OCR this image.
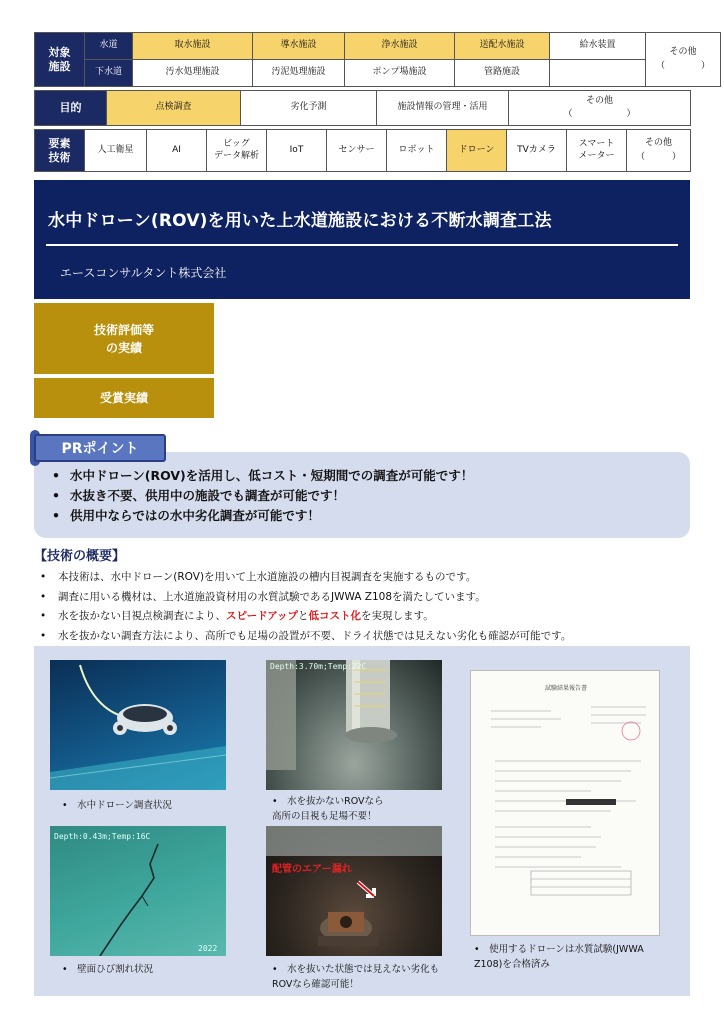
対象
施設	水道	取水施設	導水施設	浄水施設	送配水施設	給水装置	その他
（　　　　）

	下水道	汚水処理施設	汚泥処理施設	ポンプ場施設	管路施設		
目的	点検調査	劣化予測	施設情報の管理・活用	その他
（　　　　　　）
要素
技術	人工衛星	AI	ビッグ
データ解析	IoT	センサー	ロボット	ドローン	TVカメラ	スマート
メーター	その他
（　　　）
水中ドローン(ROV)を用いた上水道施設における不断水調査工法
エースコンサルタント株式会社
技術評価等
の実績
受賞実績
• 水中ドローン(ROV)を活用し、低コスト・短期間での調査が可能です！
• 水抜き不要、供用中の施設でも調査が可能です！
• 供用中ならではの水中劣化調査が可能です！
PRポイント
【技術の概要】
• 本技術は、水中ドローン(ROV)を用いて上水道施設の槽内目視調査を実施するものです。
• 調査に用いる機材は、上水道施設資材用の水質試験であるJWWA Z108を満たしています。
• 水を抜かない目視点検調査により、スピードアップと低コスト化を実現します。
• 水を抜かない調査方法により、高所でも足場の設置が不要、ドライ状態では見えない劣化も確認が可能です。
•　水中ドローン調査状況
Depth:3.70m;Temp:22C
•　水を抜かないROVなら
高所の目視も足場不要！
試験結果報告書
•　使用するドローンは水質試験(JWWA
Z108)を合格済み
Depth:0.43m;Temp:16C
2022
•　壁面ひび割れ状況
配管のエアー漏れ
•　水を抜いた状態では見えない劣化も
ROVなら確認可能！
